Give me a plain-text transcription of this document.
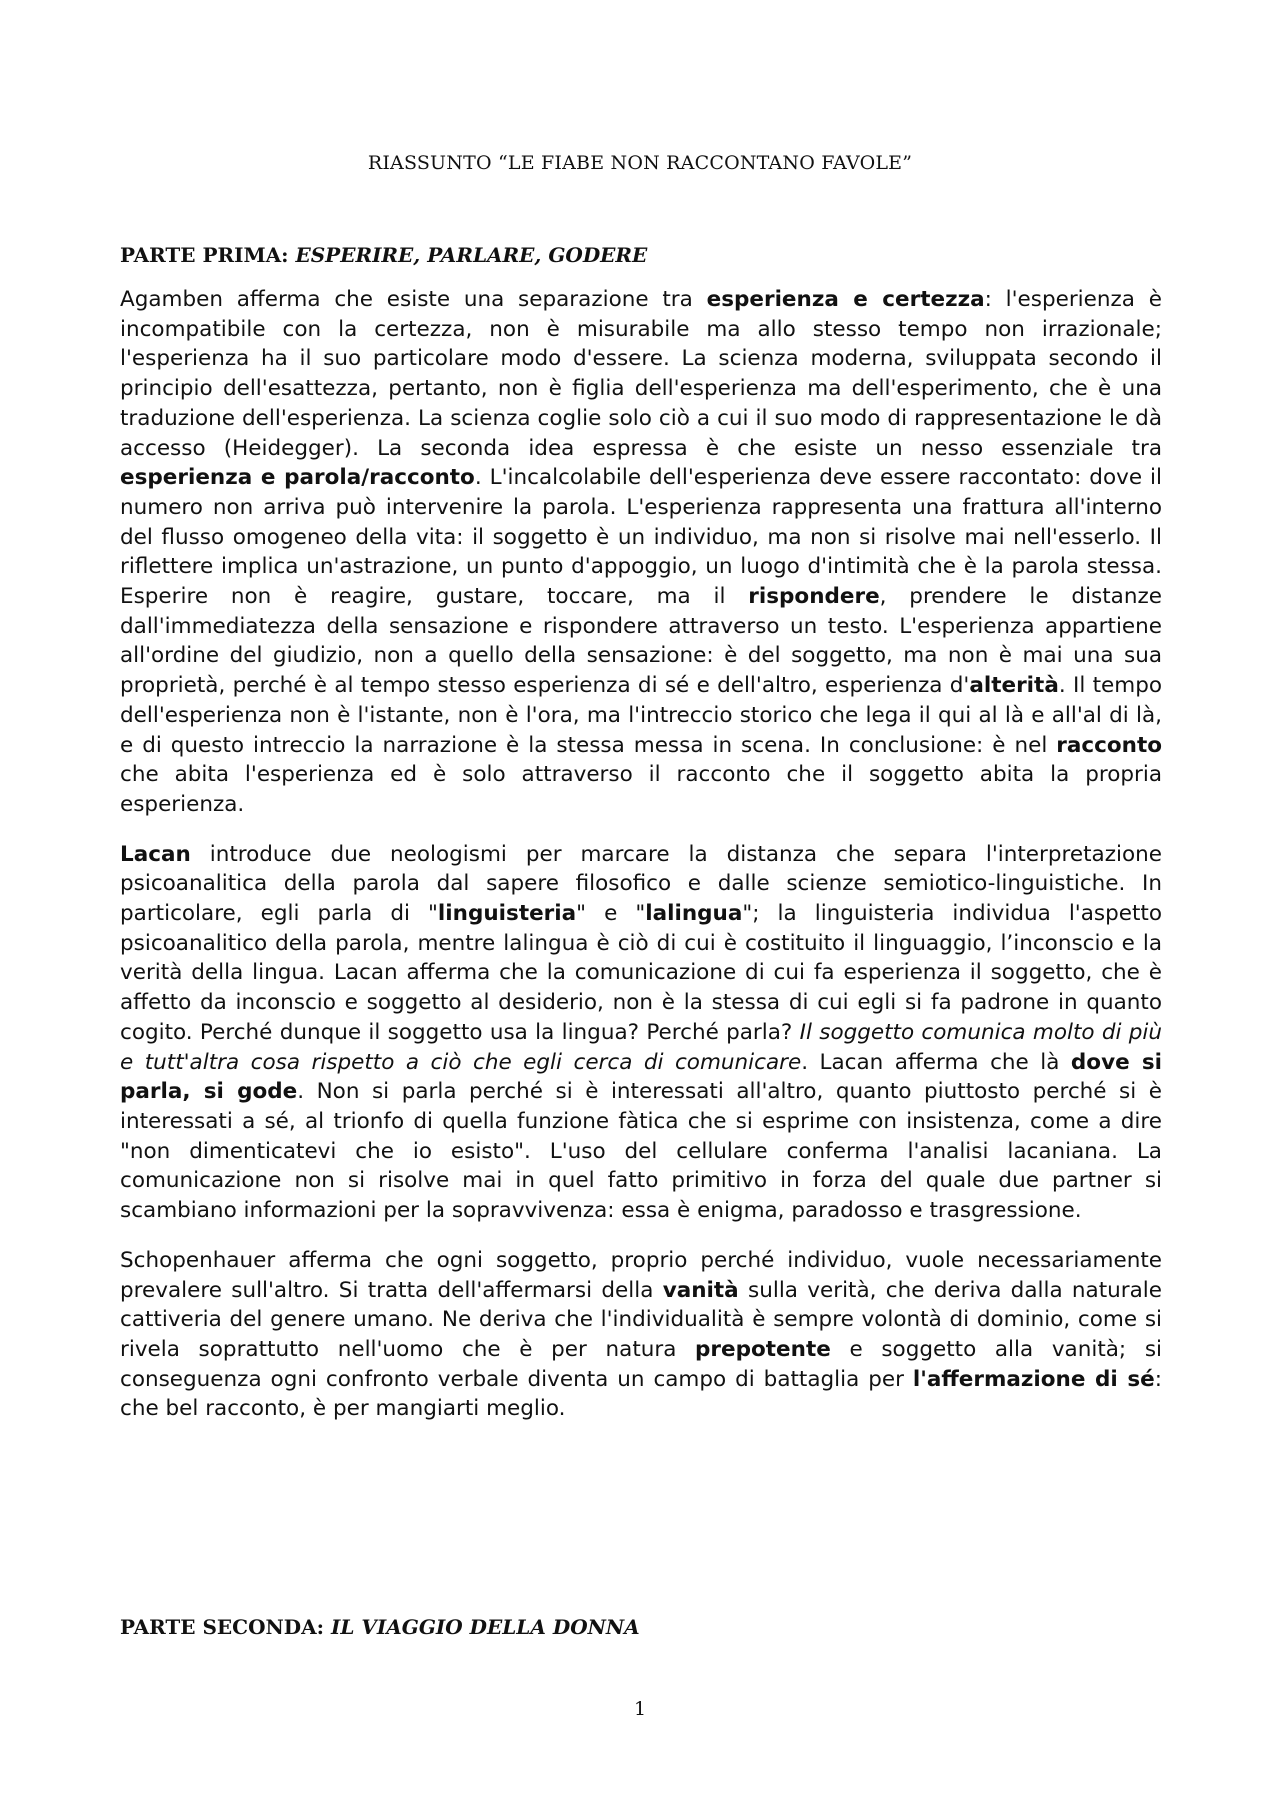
RIASSUNTO “LE FIABE NON RACCONTANO FAVOLE”
PARTE PRIMA: ESPERIRE, PARLARE, GODERE

Agamben afferma che esiste una separazione tra esperienza e certezza: l'esperienza è incompatibile con la certezza, non è misurabile ma allo stesso tempo non irrazionale; l'esperienza ha il suo particolare modo d'essere. La scienza moderna, sviluppata secondo il principio dell'esattezza, pertanto, non è figlia dell'esperienza ma dell'esperimento, che è una traduzione dell'esperienza. La scienza coglie solo ciò a cui il suo modo di rappresentazione le dà accesso (Heidegger). La seconda idea espressa è che esiste un nesso essenziale tra esperienza e parola/racconto. L'incalcolabile dell'esperienza deve essere raccontato: dove il numero non arriva può intervenire la parola. L'esperienza rappresenta una frattura all'interno del flusso omogeneo della vita: il soggetto è un individuo, ma non si risolve mai nell'esserlo. Il riflettere implica un'astrazione, un punto d'appoggio, un luogo d'intimità che è la parola stessa. Esperire non è reagire, gustare, toccare, ma il rispondere, prendere le distanze dall'immediatezza della sensazione e rispondere attraverso un testo. L'esperienza appartiene all'ordine del giudizio, non a quello della sensazione: è del soggetto, ma non è mai una sua proprietà, perché è al tempo stesso esperienza di sé e dell'altro, esperienza d'alterità. Il tempo dell'esperienza non è l'istante, non è l'ora, ma l'intreccio storico che lega il qui al là e all'al di là, e di questo intreccio la narrazione è la stessa messa in scena. In conclusione: è nel racconto che abita l'esperienza ed è solo attraverso il racconto che il soggetto abita la propria esperienza.

Lacan introduce due neologismi per marcare la distanza che separa l'interpretazione psicoanalitica della parola dal sapere filosofico e dalle scienze semiotico-linguistiche. In particolare, egli parla di "linguisteria" e "lalingua"; la linguisteria individua l'aspetto psicoanalitico della parola, mentre lalingua è ciò di cui è costituito il linguaggio, l’inconscio e la verità della lingua. Lacan afferma che la comunicazione di cui fa esperienza il soggetto, che è affetto da inconscio e soggetto al desiderio, non è la stessa di cui egli si fa padrone in quanto cogito. Perché dunque il soggetto usa la lingua? Perché parla? Il soggetto comunica molto di più e tutt'altra cosa rispetto a ciò che egli cerca di comunicare. Lacan afferma che là dove si parla, si gode. Non si parla perché si è interessati all'altro, quanto piuttosto perché si è interessati a sé, al trionfo di quella funzione fàtica che si esprime con insistenza, come a dire "non dimenticatevi che io esisto". L'uso del cellulare conferma l'analisi lacaniana. La comunicazione non si risolve mai in quel fatto primitivo in forza del quale due partner si scambiano informazioni per la sopravvivenza: essa è enigma, paradosso e trasgressione.

Schopenhauer afferma che ogni soggetto, proprio perché individuo, vuole necessariamente prevalere sull'altro. Si tratta dell'affermarsi della vanità sulla verità, che deriva dalla naturale cattiveria del genere umano. Ne deriva che l'individualità è sempre volontà di dominio, come si rivela soprattutto nell'uomo che è per natura prepotente e soggetto alla vanità; si conseguenza ogni confronto verbale diventa un campo di battaglia per l'affermazione di sé: che bel racconto, è per mangiarti meglio.

PARTE SECONDA: IL VIAGGIO DELLA DONNA
1
